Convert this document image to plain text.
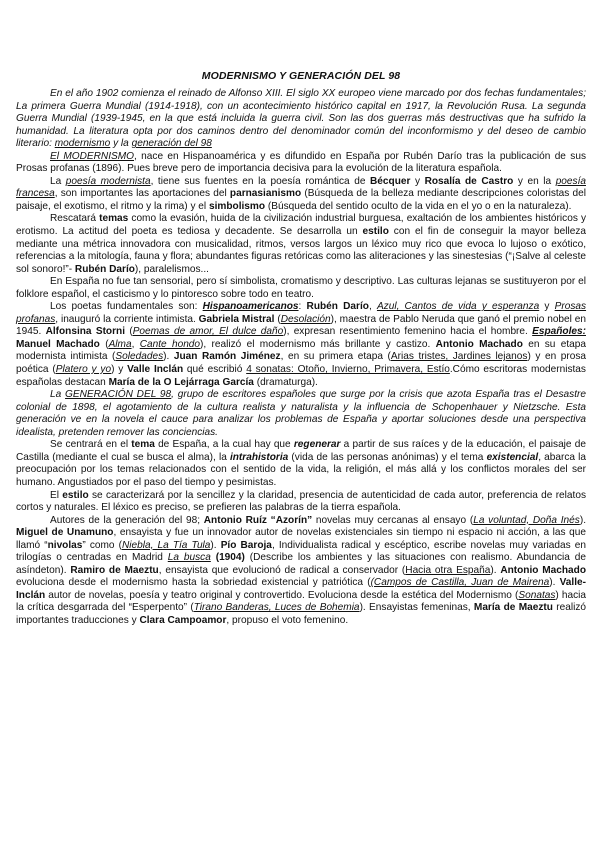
MODERNISMO Y GENERACIÓN DEL 98

En el año 1902 comienza el reinado de Alfonso XIII. El siglo XX europeo viene marcado por dos fechas fundamentales; La primera Guerra Mundial (1914-1918), con un acontecimiento histórico capital en 1917, la Revolución Rusa. La segunda Guerra Mundial (1939-1945, en la que está incluida la guerra civil. Son las dos guerras más destructivas que ha sufrido la humanidad. La literatura opta por dos caminos dentro del denominador común del inconformismo y del deseo de cambio literario: modernismo y la generación del 98

El MODERNISMO, nace en Hispanoamérica y es difundido en España por Rubén Darío tras la publicación de sus Prosas profanas (1896). Pues breve pero de importancia decisiva para la evolución de la literatura española.

La poesía modernista, tiene sus fuentes en la poesía romántica de Bécquer y Rosalía de Castro y en la poesía francesa, son importantes las aportaciones del parnasianismo (Búsqueda de la belleza mediante descripciones coloristas del paisaje, el exotismo, el ritmo y la rima) y el simbolismo (Búsqueda del sentido oculto de la vida en el yo o en la naturaleza).

Rescatará temas como la evasión, huida de la civilización industrial burguesa, exaltación de los ambientes históricos y erotismo. La actitud del poeta es tediosa y decadente. Se desarrolla un estilo con el fin de conseguir la mayor belleza mediante una métrica innovadora con musicalidad, ritmos, versos largos un léxico muy rico que evoca lo lujoso o exótico, referencias a la mitología, fauna y flora; abundantes figuras retóricas como las aliteraciones y las sinestesias (“¡Salve al celeste sol sonoro!”- Rubén Darío), paralelismos...

En España no fue tan sensorial, pero sí simbolista, cromatismo y descriptivo. Las culturas lejanas se sustituyeron por el folklore español, el casticismo y lo pintoresco sobre todo en teatro.

Los poetas fundamentales son: Hispanoamericanos: Rubén Darío, Azul, Cantos de vida y esperanza y Prosas profanas, inauguró la corriente intimista. Gabriela Mistral (Desolación), maestra de Pablo Neruda que ganó el premio nobel en 1945. Alfonsina Storni (Poemas de amor, El dulce daño), expresan resentimiento femenino hacia el hombre. Españoles: Manuel Machado (Alma, Cante hondo), realizó el modernismo más brillante y castizo. Antonio Machado en su etapa modernista intimista (Soledades). Juan Ramón Jiménez, en su primera etapa (Arias tristes, Jardines lejanos) y en prosa poética (Platero y yo) y Valle Inclán qué escribió 4 sonatas: Otoño, Invierno, Primavera, Estío.Cómo escritoras modernistas españolas destacan María de la O Lejárraga García (dramaturga).

La GENERACIÓN DEL 98, grupo de escritores españoles que surge por la crisis que azota España tras el Desastre colonial de 1898, el agotamiento de la cultura realista y naturalista y la influencia de Schopenhauer y Nietzsche. Esta generación ve en la novela el cauce para analizar los problemas de España y aportar soluciones desde una perspectiva idealista, pretenden remover las conciencias.

Se centrará en el tema de España, a la cual hay que regenerar a partir de sus raíces y de la educación, el paisaje de Castilla (mediante el cual se busca el alma), la intrahistoria (vida de las personas anónimas) y el tema existencial, abarca la preocupación por los temas relacionados con el sentido de la vida, la religión, el más allá y los conflictos morales del ser humano. Angustiados por el paso del tiempo y pesimistas.

El estilo se caracterizará por la sencillez y la claridad, presencia de autenticidad de cada autor, preferencia de relatos cortos y naturales. El léxico es preciso, se prefieren las palabras de la tierra española.

Autores de la generación del 98; Antonio Ruíz “Azorín” novelas muy cercanas al ensayo (La voluntad, Doña Inés). Miguel de Unamuno, ensayista y fue un innovador autor de novelas existenciales sin tiempo ni espacio ni acción, a las que llamó “nivolas” como (Niebla, La Tía Tula). Pío Baroja, Individualista radical y escéptico, escribe novelas muy variadas en trilogías o centradas en Madrid La busca (1904) (Describe los ambientes y las situaciones con realismo. Abundancia de asíndeton). Ramiro de Maeztu, ensayista que evolucionó de radical a conservador (Hacia otra España). Antonio Machado evoluciona desde el modernismo hasta la sobriedad existencial y patriótica ((Campos de Castilla, Juan de Mairena). Valle-Inclán autor de novelas, poesía y teatro original y controvertido. Evoluciona desde la estética del Modernismo (Sonatas) hacia la crítica desgarrada del “Esperpento” (Tirano Banderas, Luces de Bohemia). Ensayistas femeninas, María de Maeztu realizó importantes traducciones y Clara Campoamor, propuso el voto femenino.
